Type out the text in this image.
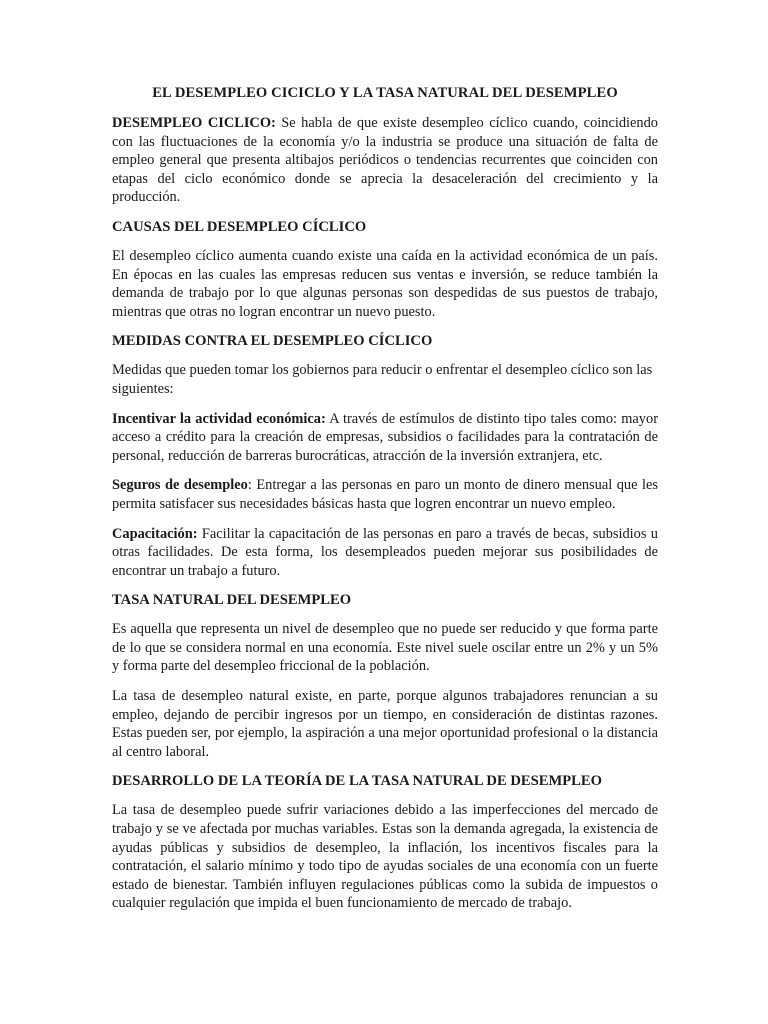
EL DESEMPLEO CICICLO Y LA TASA NATURAL DEL DESEMPLEO

DESEMPLEO CICLICO: Se habla de que existe desempleo cíclico cuando, coincidiendo con las fluctuaciones de la economía y/o la industria se produce una situación de falta de empleo general que presenta altibajos periódicos o tendencias recurrentes que coinciden con etapas del ciclo económico donde se aprecia la desaceleración del crecimiento y la producción.

CAUSAS DEL DESEMPLEO CÍCLICO

El desempleo cíclico aumenta cuando existe una caída en la actividad económica de un país. En épocas en las cuales las empresas reducen sus ventas e inversión, se reduce también la demanda de trabajo por lo que algunas personas son despedidas de sus puestos de trabajo, mientras que otras no logran encontrar un nuevo puesto.

MEDIDAS CONTRA EL DESEMPLEO CÍCLICO

Medidas que pueden tomar los gobiernos para reducir o enfrentar el desempleo cíclico son las siguientes:

Incentivar la actividad económica: A través de estímulos de distinto tipo tales como: mayor acceso a crédito para la creación de empresas, subsidios o facilidades para la contratación de personal, reducción de barreras burocráticas, atracción de la inversión extranjera, etc.

Seguros de desempleo: Entregar a las personas en paro un monto de dinero mensual que les permita satisfacer sus necesidades básicas hasta que logren encontrar un nuevo empleo.

Capacitación: Facilitar la capacitación de las personas en paro a través de becas, subsidios u otras facilidades. De esta forma, los desempleados pueden mejorar sus posibilidades de encontrar un trabajo a futuro.

TASA NATURAL DEL DESEMPLEO

Es aquella que representa un nivel de desempleo que no puede ser reducido y que forma parte de lo que se considera normal en una economía. Este nivel suele oscilar entre un 2% y un 5% y forma parte del desempleo friccional de la población.

La tasa de desempleo natural existe, en parte, porque algunos trabajadores renuncian a su empleo, dejando de percibir ingresos por un tiempo, en consideración de distintas razones. Estas pueden ser, por ejemplo, la aspiración a una mejor oportunidad profesional o la distancia al centro laboral.

DESARROLLO DE LA TEORÍA DE LA TASA NATURAL DE DESEMPLEO

La tasa de desempleo puede sufrir variaciones debido a las imperfecciones del mercado de trabajo y se ve afectada por muchas variables. Estas son la demanda agregada, la existencia de ayudas públicas y subsidios de desempleo, la inflación, los incentivos fiscales para la contratación, el salario mínimo y todo tipo de ayudas sociales de una economía con un fuerte estado de bienestar. También influyen regulaciones públicas como la subida de impuestos o cualquier regulación que impida el buen funcionamiento de mercado de trabajo.
